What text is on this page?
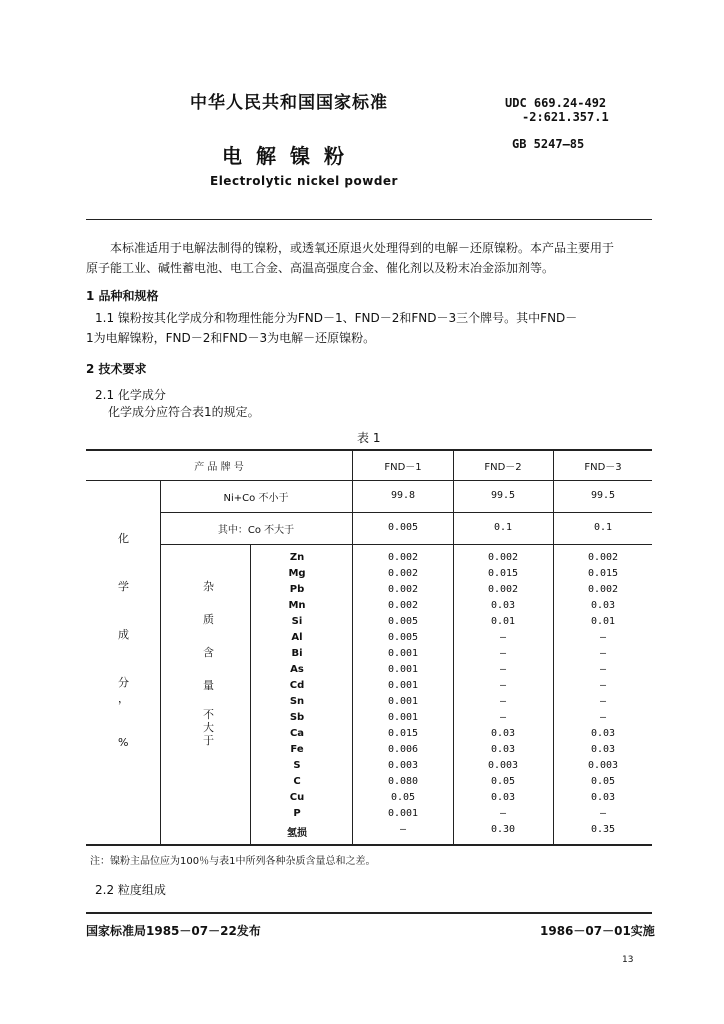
中华人民共和国国家标准	UDC 669.24-492
-2:621.357.1
电解镍粉	GB 5247—85
Electrolytic nickel powder
本标准适用于电解法制得的镍粉，或透氧还原退火处理得到的电解－还原镍粉。本产品主要用于
原子能工业、碱性蓄电池、电工合金、高温高强度合金、催化剂以及粉末冶金添加剂等。
1 品种和规格
1.1 镍粉按其化学成分和物理性能分为FND－1、FND－2和FND－3三个牌号。其中FND－
1为电解镍粉，FND－2和FND－3为电解－还原镍粉。
2 技术要求
2.1 化学成分
化学成分应符合表1的规定。
表 1
产 品 牌 号	FND－1	FND－2	FND－3
Ni+Co 不小于	99.8	99.5	99.5
其中：Co 不大于	0.005	0.1	0.1
化
学
成
分
，
%
杂
质
含
量
不
大
于
Zn	0.002	0.002	0.002
Mg	0.002	0.015	0.015
Pb	0.002	0.002	0.002
Mn	0.002	0.03	0.03
Si	0.005	0.01	0.01
Al	0.005	—	—
Bi	0.001	—	—
As	0.001	—	—
Cd	0.001	—	—
Sn	0.001	—	—
Sb	0.001	—	—
Ca	0.015	0.03	0.03
Fe	0.006	0.03	0.03
S	0.003	0.003	0.003
C	0.080	0.05	0.05
Cu	0.05	0.03	0.03
P	0.001	—	—
氢损	—	0.30	0.35
注：镍粉主品位应为100％与表1中所列各种杂质含量总和之差。
2.2 粒度组成
国家标准局1985－07－22发布	1986－07－01实施
13
